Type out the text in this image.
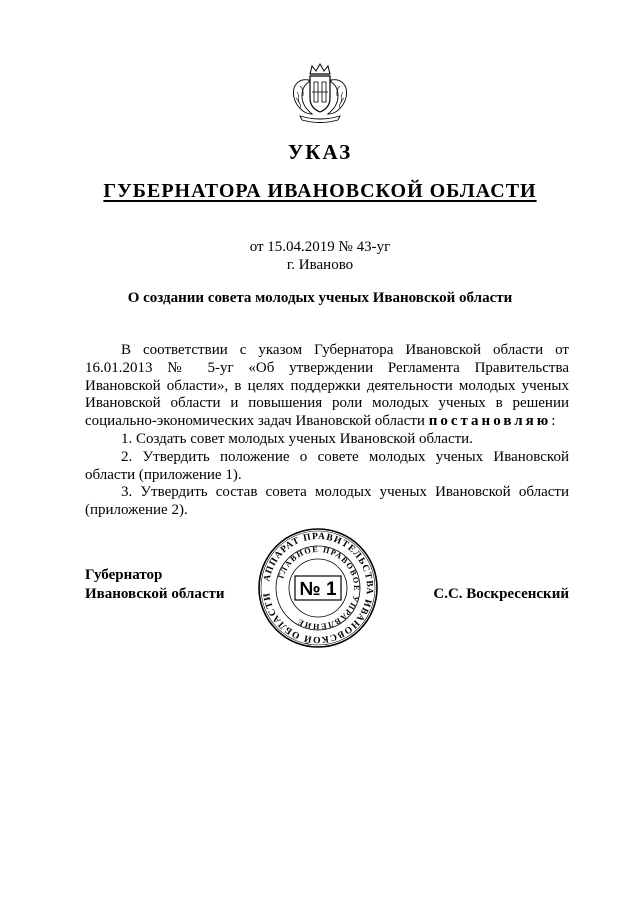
УКАЗ
ГУБЕРНАТОРА ИВАНОВСКОЙ ОБЛАСТИ
от 15.04.2019 № 43-уг
г. Иваново
О создании совета молодых ученых Ивановской области

В соответствии с указом Губернатора Ивановской области от 16.01.2013 № 5-уг «Об утверждении Регламента Правительства Ивановской области», в целях поддержки деятельности молодых ученых Ивановской области и повышения роли молодых ученых в решении социально-экономических задач Ивановской области постановляю:

1. Создать совет молодых ученых Ивановской области.

2. Утвердить положение о совете молодых ученых Ивановской области (приложение 1).

3. Утвердить состав совета молодых ученых Ивановской области (приложение 2).

Губернатор
Ивановской области	С.С. Воскресенский
АППАРАТ ПРАВИТЕЛЬСТВА ИВАНОВСКОЙ ОБЛАСТИ
ГЛАВНОЕ ПРАВОВОЕ УПРАВЛЕНИЕ
№ 1
